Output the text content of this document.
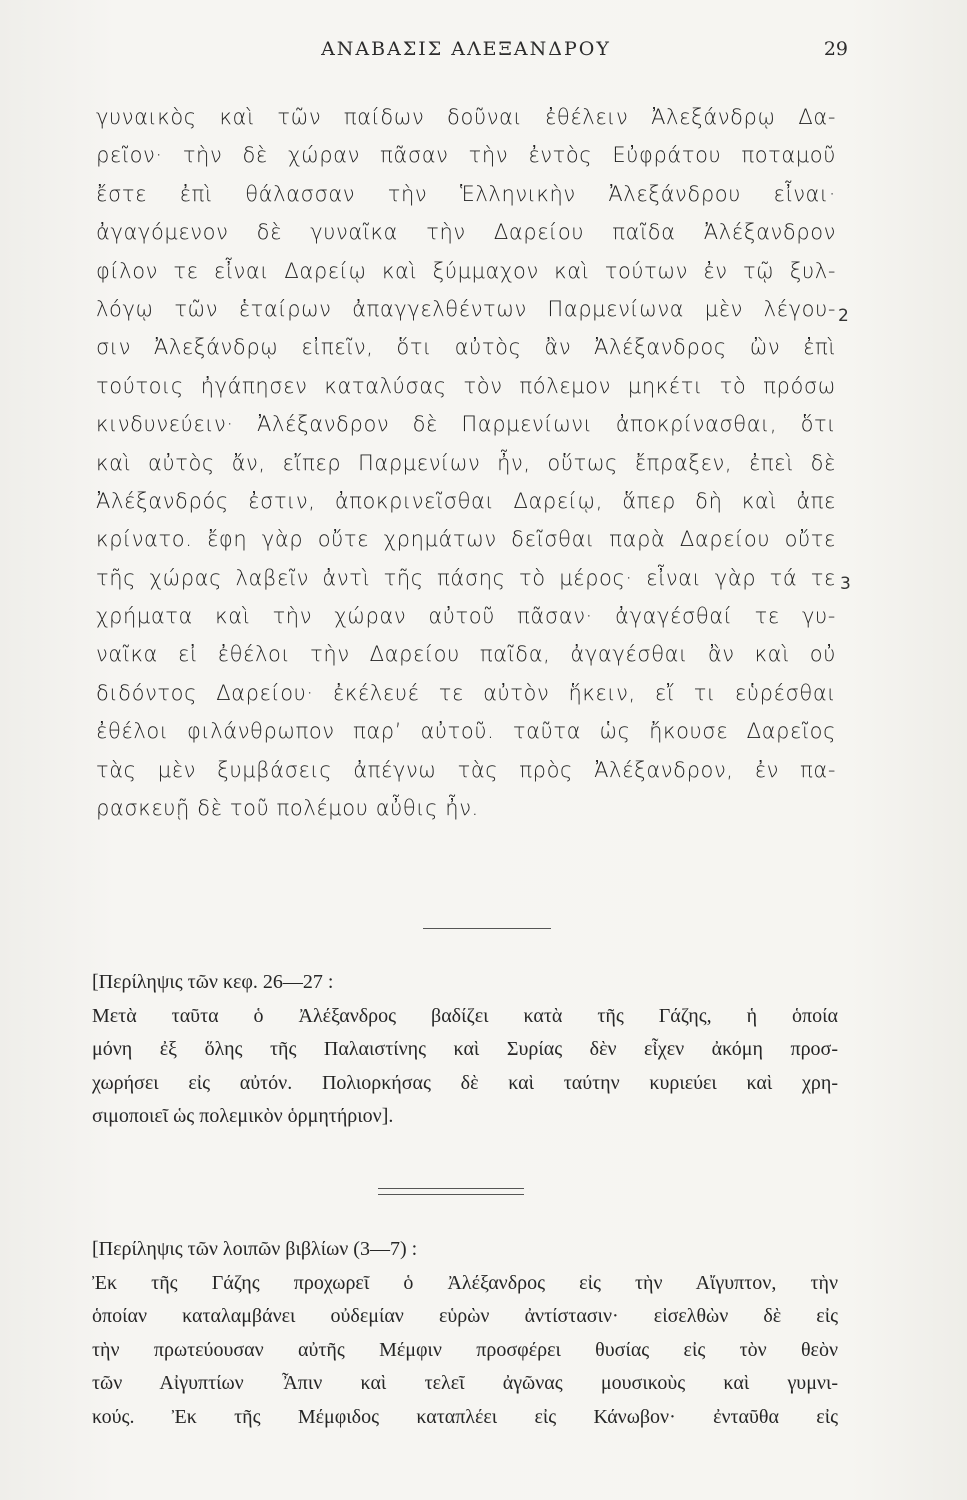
ΑΝΑΒΑΣΙΣ ΑΛΕΞΑΝΔΡΟΥ	29
γυναικὸς καὶ τῶν παίδων δοῦναι ἐθέλειν Ἀλεξάνδρῳ Δα-
ρεῖον· τὴν δὲ χώραν πᾶσαν τὴν ἐντὸς Εὐφράτου ποταμοῦ
ἔστε ἐπὶ θάλασσαν τὴν Ἑλληνικὴν Ἀλεξάνδρου εἶναι·
ἀγαγόμενον δὲ γυναῖκα τὴν Δαρείου παῖδα Ἀλέξανδρον
φίλον τε εἶναι Δαρείῳ καὶ ξύμμαχον καὶ τούτων ἐν τῷ ξυλ-
λόγῳ τῶν ἑταίρων ἀπαγγελθέντων Παρμενίωνα μὲν λέγου-
σιν Ἀλεξάνδρῳ εἰπεῖν, ὅτι αὐτὸς ἂν Ἀλέξανδρος ὢν ἐπὶ
τούτοις ἠγάπησεν καταλύσας τὸν πόλεμον μηκέτι τὸ πρόσω
κινδυνεύειν· Ἀλέξανδρον δὲ Παρμενίωνι ἀποκρίνασθαι, ὅτι
καὶ αὐτὸς ἄν, εἴπερ Παρμενίων ἦν, οὕτως ἔπραξεν, ἐπεὶ δὲ
Ἀλέξανδρός ἐστιν, ἀποκρινεῖσθαι Δαρείῳ, ἅπερ δὴ καὶ ἀπε
κρίνατο. ἔφη γὰρ οὔτε χρημάτων δεῖσθαι παρὰ Δαρείου οὔτε
τῆς χώρας λαβεῖν ἀντὶ τῆς πάσης τὸ μέρος· εἶναι γὰρ τά τε
χρήματα καὶ τὴν χώραν αὐτοῦ πᾶσαν· ἀγαγέσθαί τε γυ-
ναῖκα εἰ ἐθέλοι τὴν Δαρείου παῖδα, ἀγαγέσθαι ἂν καὶ οὐ
διδόντος Δαρείου· ἐκέλευέ τε αὐτὸν ἥκειν, εἴ τι εὑρέσθαι
ἐθέλοι φιλάνθρωπον παρ’ αὐτοῦ. ταῦτα ὡς ἤκουσε Δαρεῖος
τὰς μὲν ξυμβάσεις ἀπέγνω τὰς πρὸς Ἀλέξανδρον, ἐν πα-
ρασκευῇ δὲ τοῦ πολέμου αὖθις ἦν.
2
3
[Περίληψις τῶν κεφ. 26—27 :
Μετὰ ταῦτα ὁ Ἀλέξανδρος βαδίζει κατὰ τῆς Γάζης, ἡ ὁποία
μόνη ἐξ ὅλης τῆς Παλαιστίνης καὶ Συρίας δὲν εἶχεν ἀκόμη προσ-
χωρήσει εἰς αὐτόν. Πολιορκήσας δὲ καὶ ταύτην κυριεύει καὶ χρη-
σιμοποιεῖ ὡς πολεμικὸν ὁρμητήριον].
[Περίληψις τῶν λοιπῶν βιβλίων (3—7) :
Ἐκ τῆς Γάζης προχωρεῖ ὁ Ἀλέξανδρος εἰς τὴν Αἴγυπτον, τὴν
ὁποίαν καταλαμβάνει οὐδεμίαν εὑρὼν ἀντίστασιν· εἰσελθὼν δὲ εἰς
τὴν πρωτεύουσαν αὐτῆς Μέμφιν προσφέρει θυσίας εἰς τὸν θεὸν
τῶν Αἰγυπτίων Ἆπιν καὶ τελεῖ ἀγῶνας μουσικοὺς καὶ γυμνι-
κούς. Ἐκ τῆς Μέμφιδος καταπλέει εἰς Κάνωβον· ἐνταῦθα εἰς
